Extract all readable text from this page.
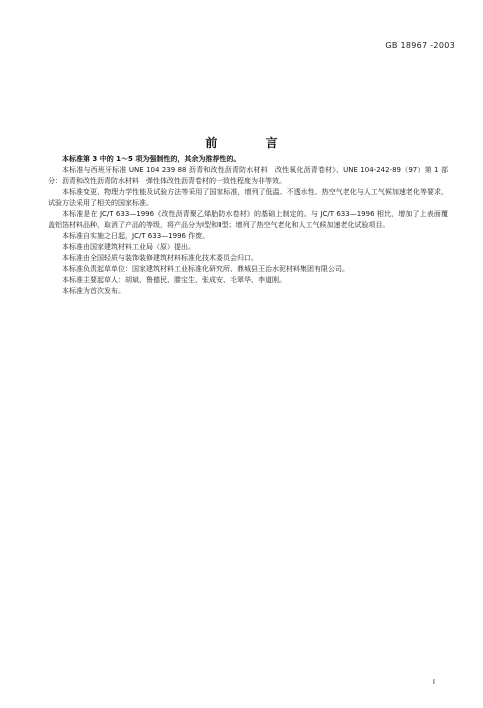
GB 18967 -2003
前 言

本标准第 3 中的 1～5 项为强制性的，其余为推荐性的。

本标准与西班牙标准 UNE 104 239 88 沥青和改性沥青防水材料　改性氧化沥青卷材》、UNE 104-242-89（97）第 1 部分：沥青和改性沥青防水材料　弹性体改性沥青卷材的一致性程度为非等效。

本标准变更、物理力学性能及试验方法等采用了国家标准，增列了低温、不透水性、热空气老化与人工气候加速老化等要求，试验方法采用了相关的国家标准。

本标准是在 JC/T 633—1996《改性沥青聚乙烯胎防水卷材》的基础上制定的。与 JC/T 633—1996 相比，增加了上表面覆盖铝箔材料品种，取消了产品的等级，将产品分为Ⅰ型和Ⅱ型；增列了热空气老化和人工气候加速老化试验项目。

本标准自实施之日起，JC/T 633—1996 作废。

本标准由国家建筑材料工业局（原）提出。

本标准由全国轻质与装饰装修建筑材料标准化技术委员会归口。

本标准负责起草单位：国家建筑材料工业标准化研究所、鼎城县王治水泥材料集团有限公司。

本标准主要起草人：胡斌、鲁德民、滕宝生、张成安、毛翠华、李道刚。

本标准为首次发布。

I
